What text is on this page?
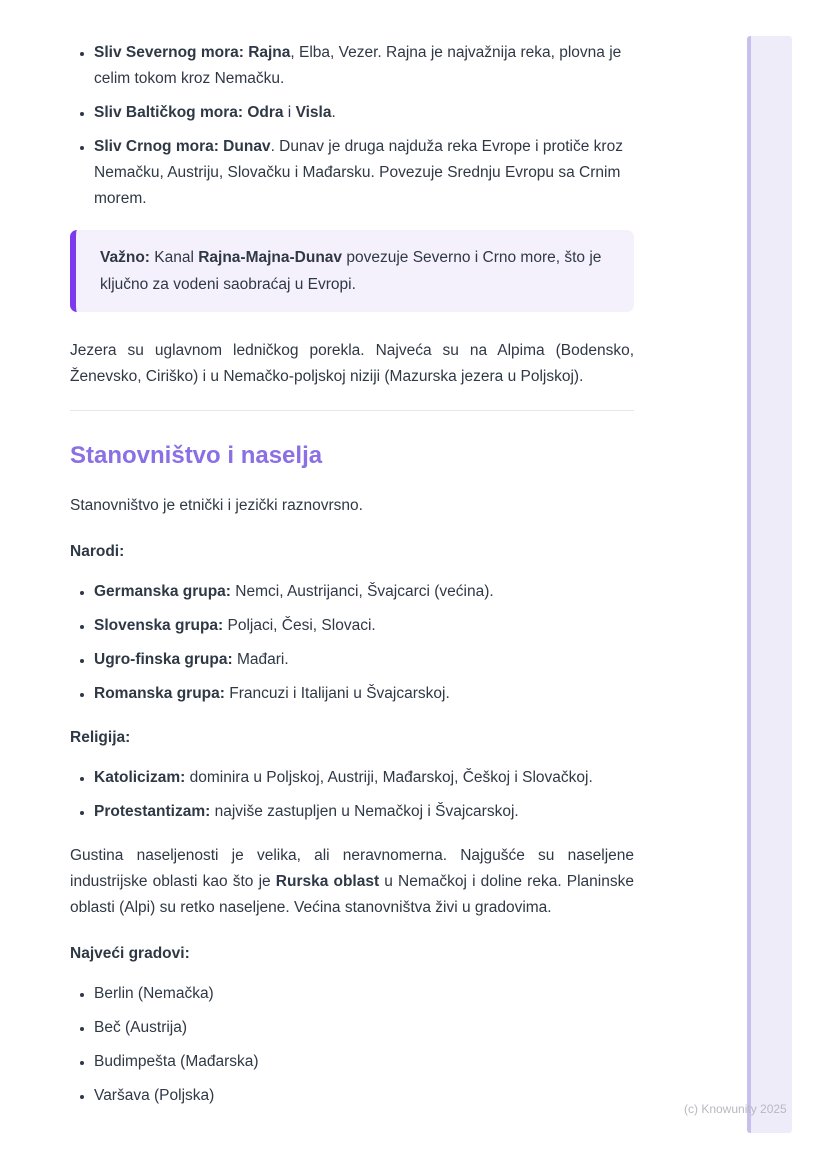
• Sliv Severnog mora: Rajna, Elba, Vezer. Rajna je najvažnija reka, plovna je celim tokom kroz Nemačku.
• Sliv Baltičkog mora: Odra i Visla.
• Sliv Crnog mora: Dunav. Dunav je druga najduža reka Evrope i protiče kroz Nemačku, Austriju, Slovačku i Mađarsku. Povezuje Srednju Evropu sa Crnim morem.

Važno: Kanal Rajna-Majna-Dunav povezuje Severno i Crno more, što je ključno za vodeni saobraćaj u Evropi.

Jezera su uglavnom ledničkog porekla. Najveća su na Alpima (Bodensko, Ženevsko, Ciriško) i u Nemačko-poljskoj niziji (Mazurska jezera u Poljskoj).

Stanovništvo i naselja

Stanovništvo je etnički i jezički raznovrsno.

Narodi:

• Germanska grupa: Nemci, Austrijanci, Švajcarci (većina).
• Slovenska grupa: Poljaci, Česi, Slovaci.
• Ugro-finska grupa: Mađari.
• Romanska grupa: Francuzi i Italijani u Švajcarskoj.

Religija:

• Katolicizam: dominira u Poljskoj, Austriji, Mađarskoj, Češkoj i Slovačkoj.
• Protestantizam: najviše zastupljen u Nemačkoj i Švajcarskoj.

Gustina naseljenosti je velika, ali neravnomerna. Najgušće su naseljene industrijske oblasti kao što je Rurska oblast u Nemačkoj i doline reka. Planinske oblasti (Alpi) su retko naseljene. Većina stanovništva živi u gradovima.

Najveći gradovi:

• Berlin (Nemačka)
• Beč (Austrija)
• Budimpešta (Mađarska)
• Varšava (Poljska)
(c) Knowunity 2025
